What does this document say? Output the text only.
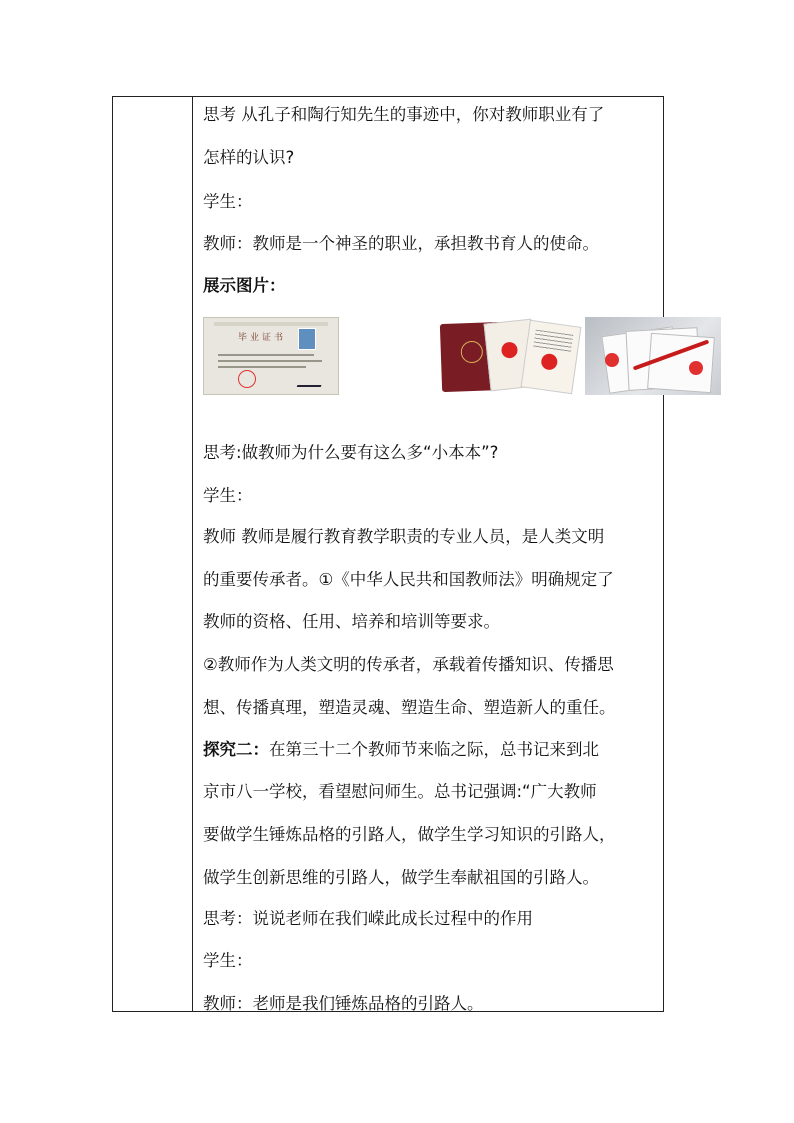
思考 从孔子和陶行知先生的事迹中，你对教师职业有了
怎样的认识?
学生：
教师：教师是一个神圣的职业，承担教书育人的使命。
展示图片：
毕业证书
思考:做教师为什么要有这么多“小本本”?
学生：
教师 教师是履行教育教学职责的专业人员，是人类文明
的重要传承者。①《中华人民共和国教师法》明确规定了
教师的资格、任用、培养和培训等要求。
②教师作为人类文明的传承者，承载着传播知识、传播思
想、传播真理，塑造灵魂、塑造生命、塑造新人的重任。
探究二：在第三十二个教师节来临之际，总书记来到北
京市八一学校，看望慰问师生。总书记强调:“广大教师
要做学生锤炼品格的引路人，做学生学习知识的引路人，
做学生创新思维的引路人，做学生奉献祖国的引路人。
思考：说说老师在我们嵘此成长过程中的作用
学生：
教师：老师是我们锤炼品格的引路人。
